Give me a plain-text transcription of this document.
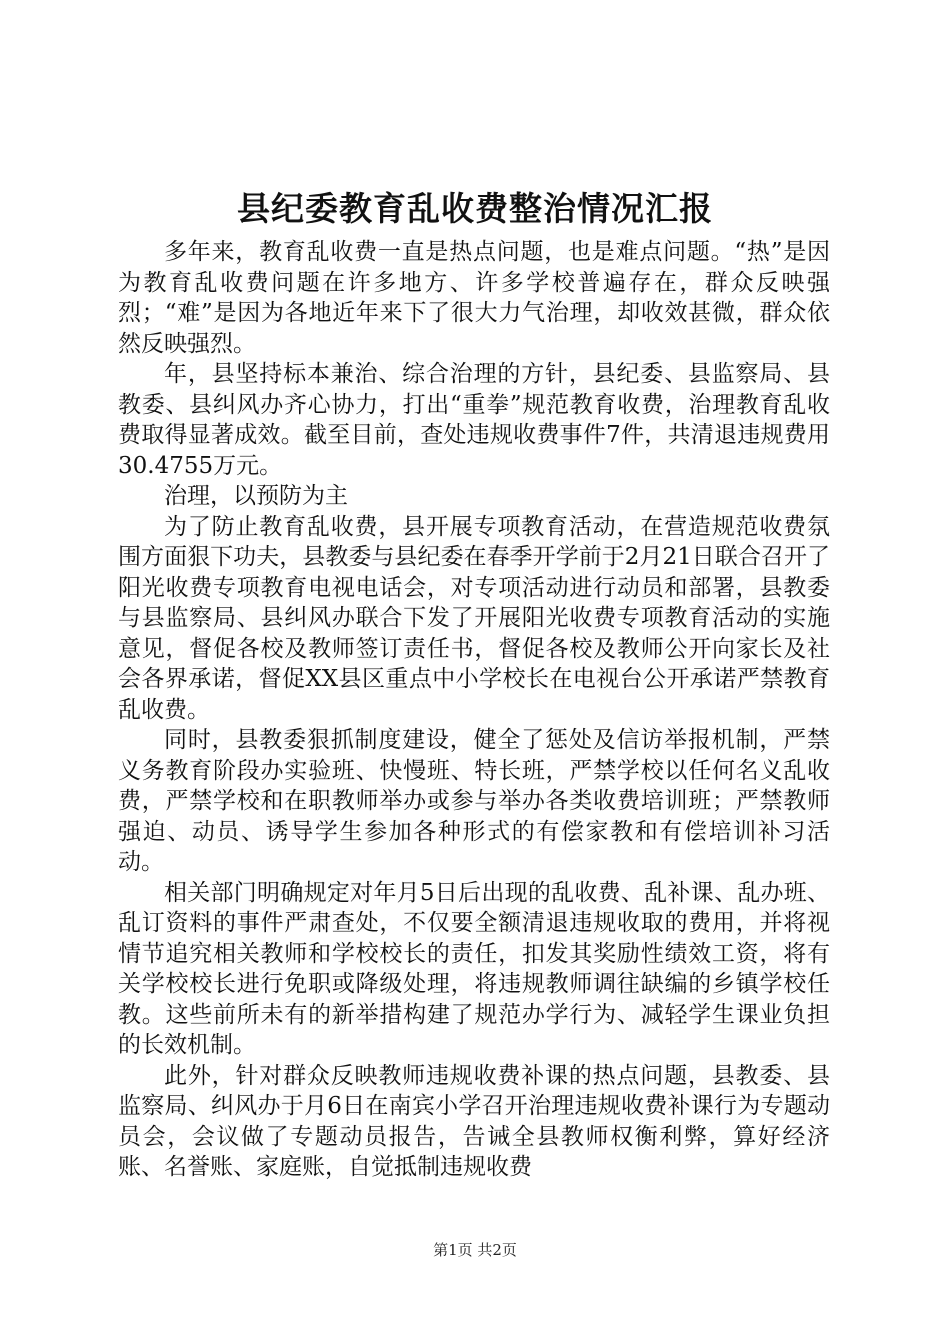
县纪委教育乱收费整治情况汇报

多年来，教育乱收费一直是热点问题，也是难点问题。“热”是因为教育乱收费问题在许多地方、许多学校普遍存在，群众反映强烈；“难”是因为各地近年来下了很大力气治理，却收效甚微，群众依然反映强烈。

年，县坚持标本兼治、综合治理的方针，县纪委、县监察局、县教委、县纠风办齐心协力，打出“重拳”规范教育收费，治理教育乱收费取得显著成效。截至目前，查处违规收费事件7件，共清退违规费用30.4755万元。

治理，以预防为主

为了防止教育乱收费，县开展专项教育活动，在营造规范收费氛围方面狠下功夫，县教委与县纪委在春季开学前于2月21日联合召开了阳光收费专项教育电视电话会，对专项活动进行动员和部署，县教委与县监察局、县纠风办联合下发了开展阳光收费专项教育活动的实施意见，督促各校及教师签订责任书，督促各校及教师公开向家长及社会各界承诺，督促XX县区重点中小学校长在电视台公开承诺严禁教育乱收费。

同时，县教委狠抓制度建设，健全了惩处及信访举报机制，严禁义务教育阶段办实验班、快慢班、特长班，严禁学校以任何名义乱收费，严禁学校和在职教师举办或参与举办各类收费培训班；严禁教师强迫、动员、诱导学生参加各种形式的有偿家教和有偿培训补习活动。

相关部门明确规定对年月5日后出现的乱收费、乱补课、乱办班、乱订资料的事件严肃查处，不仅要全额清退违规收取的费用，并将视情节追究相关教师和学校校长的责任，扣发其奖励性绩效工资，将有关学校校长进行免职或降级处理，将违规教师调往缺编的乡镇学校任教。这些前所未有的新举措构建了规范办学行为、减轻学生课业负担的长效机制。

此外，针对群众反映教师违规收费补课的热点问题，县教委、县监察局、纠风办于月6日在南宾小学召开治理违规收费补课行为专题动员会，会议做了专题动员报告，告诫全县教师权衡利弊，算好经济账、名誉账、家庭账，自觉抵制违规收费

第1页 共2页
